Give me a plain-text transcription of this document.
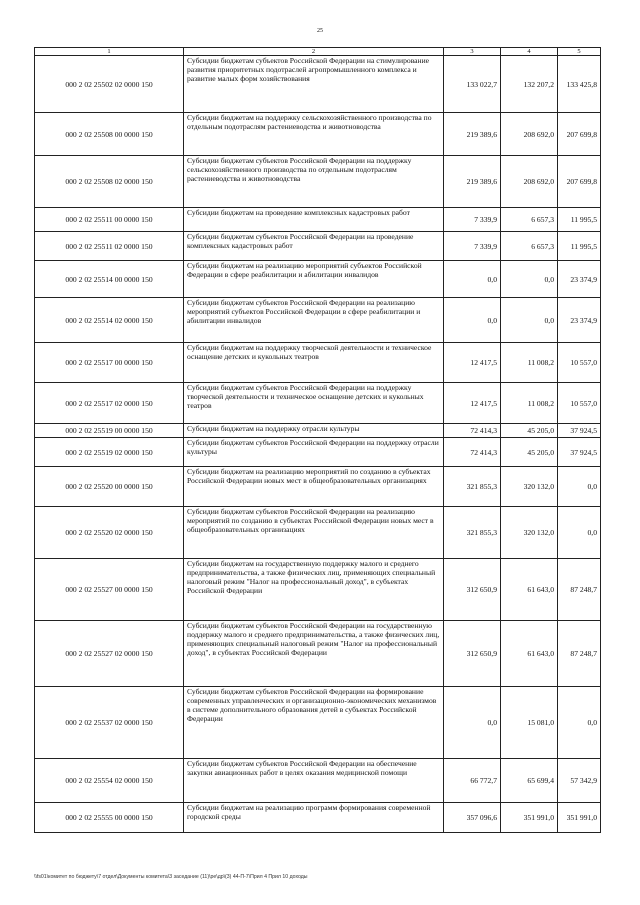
25
1	2	3	4	5
000 2 02 25502 02 0000 150	Субсидии бюджетам субъектов Российской Федерации на стимулирование развития приоритетных подотраслей агропромышленного комплекса и развитие малых форм хозяйствования	133 022,7	132 207,2	133 425,8
000 2 02 25508 00 0000 150	Субсидии бюджетам на поддержку сельскохозяйственного производства по отдельным подотраслям растениеводства и животноводства	219 389,6	208 692,0	207 699,8
000 2 02 25508 02 0000 150	Субсидии бюджетам субъектов Российской Федерации на поддержку сельскохозяйственного производства по отдельным подотраслям растениеводства и животноводства	219 389,6	208 692,0	207 699,8
000 2 02 25511 00 0000 150	Субсидии бюджетам на проведение комплексных кадастровых работ	7 339,9	6 657,3	11 995,5
000 2 02 25511 02 0000 150	Субсидии бюджетам субъектов Российской Федерации на проведение комплексных кадастровых работ	7 339,9	6 657,3	11 995,5
000 2 02 25514 00 0000 150	Субсидии бюджетам на реализацию мероприятий субъектов Российской Федерации в сфере реабилитации и абилитации инвалидов	0,0	0,0	23 374,9
000 2 02 25514 02 0000 150	Субсидии бюджетам субъектов Российской Федерации на реализацию мероприятий субъектов Российской Федерации в сфере реабилитации и абилитации инвалидов	0,0	0,0	23 374,9
000 2 02 25517 00 0000 150	Субсидии бюджетам на поддержку творческой деятельности и техническое оснащение детских и кукольных театров	12 417,5	11 008,2	10 557,0
000 2 02 25517 02 0000 150	Субсидии бюджетам субъектов Российской Федерации на поддержку творческой деятельности и техническое оснащение детских и кукольных театров	12 417,5	11 008,2	10 557,0
000 2 02 25519 00 0000 150	Субсидии бюджетам на поддержку отрасли культуры	72 414,3	45 205,0	37 924,5
000 2 02 25519 02 0000 150	Субсидии бюджетам субъектов Российской Федерации на поддержку отрасли культуры	72 414,3	45 205,0	37 924,5
000 2 02 25520 00 0000 150	Субсидии бюджетам на реализацию мероприятий по созданию в субъектах Российской Федерации новых мест в общеобразовательных организациях	321 855,3	320 132,0	0,0
000 2 02 25520 02 0000 150	Субсидии бюджетам субъектов Российской Федерации на реализацию мероприятий по созданию в субъектах Российской Федерации новых мест в общеобразовательных организациях	321 855,3	320 132,0	0,0
000 2 02 25527 00 0000 150	Субсидии бюджетам на государственную поддержку малого и среднего предпринимательства, а также физических лиц, применяющих специальный налоговый режим "Налог на профессиональный доход", в субъектах Российской Федерации	312 650,9	61 643,0	87 248,7
000 2 02 25527 02 0000 150	Субсидии бюджетам субъектов Российской Федерации на государственную поддержку малого и среднего предпринимательства, а также физических лиц, применяющих специальный налоговый режим "Налог на профессиональный доход", в субъектах Российской Федерации	312 650,9	61 643,0	87 248,7
000 2 02 25537 02 0000 150	Субсидии бюджетам субъектов Российской Федерации на формирование современных управленческих и организационно-экономических механизмов в системе дополнительного образования детей в субъектах Российской Федерации	0,0	15 081,0	0,0
000 2 02 25554 02 0000 150	Субсидии бюджетам субъектов Российской Федерации на обеспечение закупки авиационных работ в целях оказания медицинской помощи	66 772,7	65 699,4	57 342,9
000 2 02 25555 00 0000 150	Субсидии бюджетам на реализацию программ формирования современной городской среды	357 096,6	351 991,0	351 991,0
\\fs01\комитет по бюджету\7 отдел\Документы комитета\3 заседание (11)\ре\др\(3) 44-П-7\Прил 4 Прил 10 доходы
